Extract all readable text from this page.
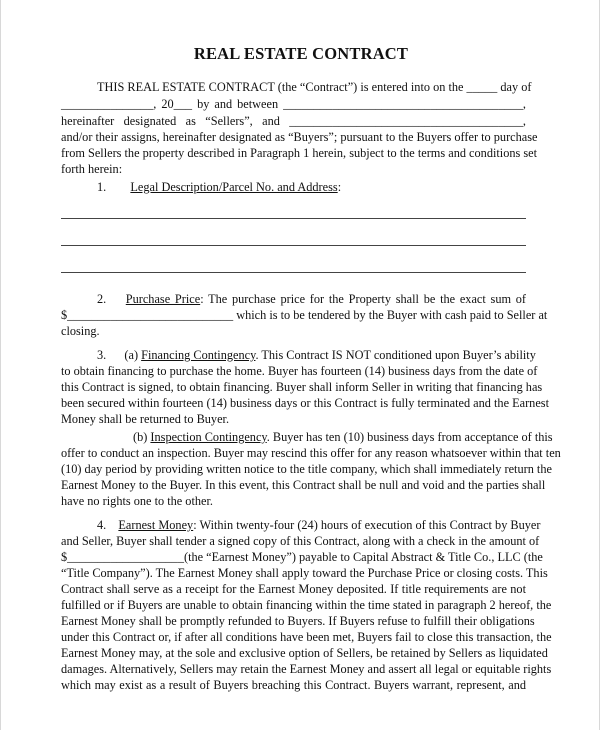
REAL ESTATE CONTRACT
THIS REAL ESTATE CONTRACT (the “Contract”) is entered into on the _____ day of
_______________, 20___ by and between _______________________________________,
hereinafter designated as “Sellers”, and ______________________________________,
and/or their assigns, hereinafter designated as “Buyers”; pursuant to the Buyers offer to purchase
from Sellers the property described in Paragraph 1 herein, subject to the terms and conditions set
forth herein:
1. Legal Description/Parcel No. and Address:
2. Purchase Price: The purchase price for the Property shall be the exact sum of
$___________________________ which is to be tendered by the Buyer with cash paid to Seller at
closing.
3. (a) Financing Contingency. This Contract IS NOT conditioned upon Buyer’s ability
to obtain financing to purchase the home. Buyer has fourteen (14) business days from the date of
this Contract is signed, to obtain financing. Buyer shall inform Seller in writing that financing has
been secured within fourteen (14) business days or this Contract is fully terminated and the Earnest
Money shall be returned to Buyer.
(b) Inspection Contingency. Buyer has ten (10) business days from acceptance of this
offer to conduct an inspection. Buyer may rescind this offer for any reason whatsoever within that ten
(10) day period by providing written notice to the title company, which shall immediately return the
Earnest Money to the Buyer. In this event, this Contract shall be null and void and the parties shall
have no rights one to the other.
4. Earnest Money: Within twenty-four (24) hours of execution of this Contract by Buyer
and Seller, Buyer shall tender a signed copy of this Contract, along with a check in the amount of
$___________________(the “Earnest Money”) payable to Capital Abstract & Title Co., LLC (the
“Title Company”). The Earnest Money shall apply toward the Purchase Price or closing costs. This
Contract shall serve as a receipt for the Earnest Money deposited. If title requirements are not
fulfilled or if Buyers are unable to obtain financing within the time stated in paragraph 2 hereof, the
Earnest Money shall be promptly refunded to Buyers. If Buyers refuse to fulfill their obligations
under this Contract or, if after all conditions have been met, Buyers fail to close this transaction, the
Earnest Money may, at the sole and exclusive option of Sellers, be retained by Sellers as liquidated
damages. Alternatively, Sellers may retain the Earnest Money and assert all legal or equitable rights
which may exist as a result of Buyers breaching this Contract. Buyers warrant, represent, and
